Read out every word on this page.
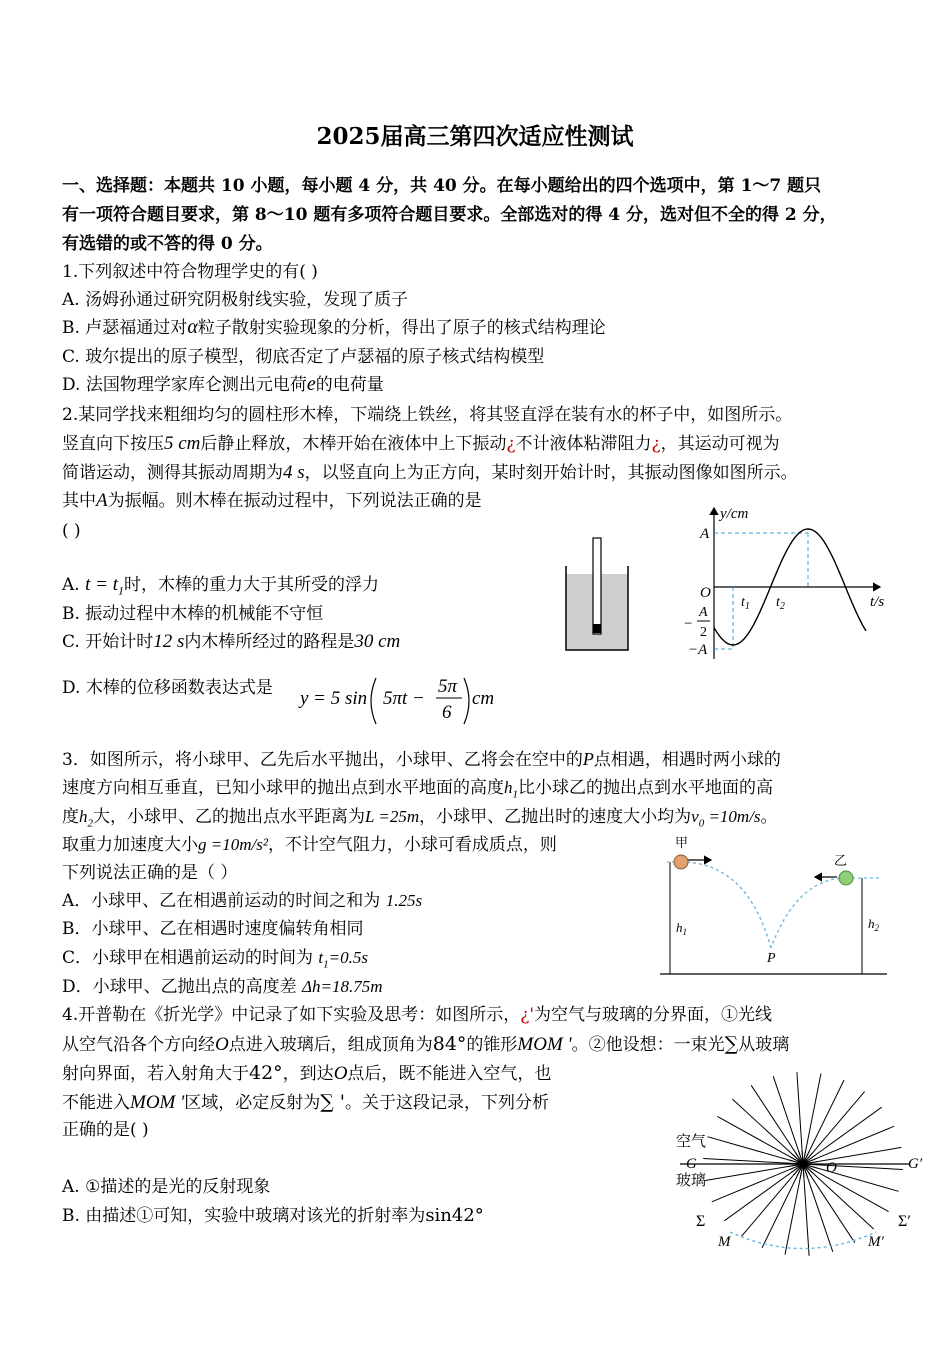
2025届高三第四次适应性测试
一、选择题：本题共 10 小题，每小题 4 分，共 40 分。在每小题给出的四个选项中，第 1～7 题只
有一项符合题目要求，第 8～10 题有多项符合题目要求。全部选对的得 4 分，选对但不全的得 2 分，
有选错的或不答的得 0 分。
1.下列叙述中符合物理学史的有( )
A. 汤姆孙通过研究阴极射线实验，发现了质子
B. 卢瑟福通过对α粒子散射实验现象的分析，得出了原子的核式结构理论
C. 玻尔提出的原子模型，彻底否定了卢瑟福的原子核式结构模型
D. 法国物理学家库仑测出元电荷e的电荷量
2.某同学找来粗细均匀的圆柱形木棒，下端绕上铁丝，将其竖直浮在装有水的杯子中，如图所示。
竖直向下按压5 cm后静止释放，木棒开始在液体中上下振动¿不计液体粘滞阻力¿，其运动可视为
简谐运动，测得其振动周期为4 s，以竖直向上为正方向，某时刻开始计时，其振动图像如图所示。
其中A为振幅。则木棒在振动过程中，下列说法正确的是
( )
A. $t = t_1$时，木棒的重力大于其所受的浮力
B. 振动过程中木棒的机械能不守恒
C. 开始计时12 s内木棒所经过的路程是30 cm
D. 木棒的位移函数表达式是 y = 5 sin 5πt −
5π
6
cm
y/cm
t/s
O
A
−A
−
A
2
$t_1$ $t_2$
3．如图所示，将小球甲、乙先后水平抛出，小球甲、乙将会在空中的P点相遇，相遇时两小球的
速度方向相互垂直，已知小球甲的抛出点到水平地面的高度$h_1$比小球乙的抛出点到水平地面的高
度$h_2$大，小球甲、乙的抛出点水平距离为L =25m，小球甲、乙抛出时的速度大小均为$v_0 =10m/s$。
取重力加速度大小g =10m/s²，不计空气阻力，小球可看成质点，则
下列说法正确的是（ ）
A．小球甲、乙在相遇前运动的时间之和为 1.25s
B．小球甲、乙在相遇时速度偏转角相同
C．小球甲在相遇前运动的时间为 $t_1=0.5s$
D．小球甲、乙抛出点的高度差 Δh=18.75m
甲
乙
$h_1$
$h_2$
P
4.开普勒在《折光学》中记录了如下实验及思考：如图所示，¿'为空气与玻璃的分界面，①光线
从空气沿各个方向经O点进入玻璃后，组成顶角为84°的锥形MOM '。②他设想：一束光∑从玻璃
射向界面，若入射角大于42°，到达O点后，既不能进入空气，也
不能进入MOM '区域，必定反射为∑ '。关于这段记录，下列分析
正确的是( )
A. ①描述的是光的反射现象
B. 由描述①可知，实验中玻璃对该光的折射率为sin42°
空气
玻璃
G	G′
O
Σ	Σ′
M	M′
